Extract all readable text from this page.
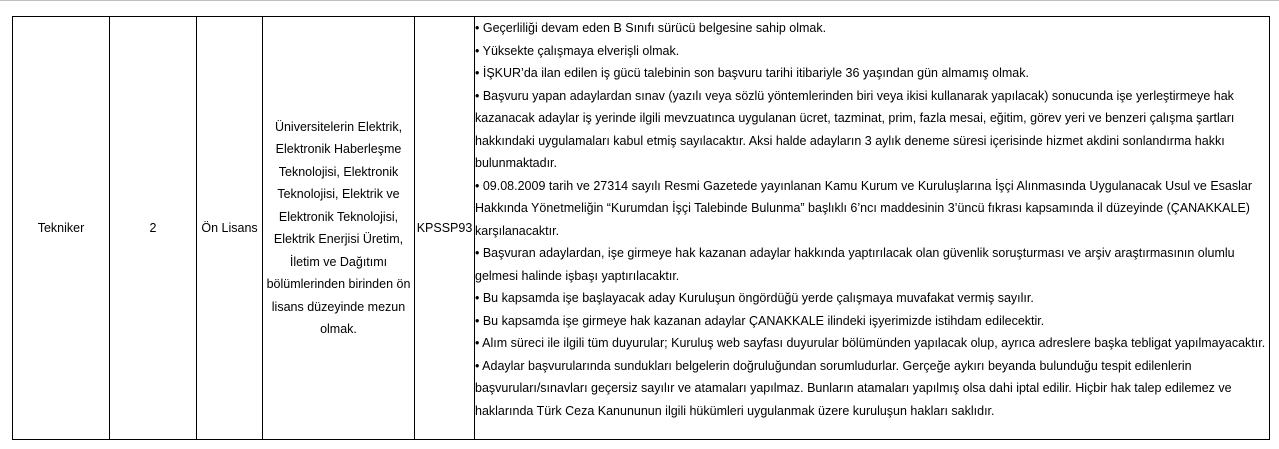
Tekniker	2	Ön Lisans	Üniversitelerin Elektrik, Elektronik Haberleşme Teknolojisi, Elektronik Teknolojisi, Elektrik ve Elektronik Teknolojisi, Elektrik Enerjisi Üretim, İletim ve Dağıtımı bölümlerinden birinden ön lisans düzeyinde mezun olmak.	KPSSP93	

• Geçerliliği devam eden B Sınıfı sürücü belgesine sahip olmak.

• Yüksekte çalışmaya elverişli olmak.

• İŞKUR’da ilan edilen iş gücü talebinin son başvuru tarihi itibariyle 36 yaşından gün almamış olmak.

• Başvuru yapan adaylardan sınav (yazılı veya sözlü yöntemlerinden biri veya ikisi kullanarak yapılacak) sonucunda işe yerleştirmeye hak kazanacak adaylar iş yerinde ilgili mevzuatınca uygulanan ücret, tazminat, prim, fazla mesai, eğitim, görev yeri ve benzeri çalışma şartları hakkındaki uygulamaları kabul etmiş sayılacaktır. Aksi halde adayların 3 aylık deneme süresi içerisinde hizmet akdini sonlandırma hakkı bulunmaktadır.

• 09.08.2009 tarih ve 27314 sayılı Resmi Gazetede yayınlanan Kamu Kurum ve Kuruluşlarına İşçi Alınmasında Uygulanacak Usul ve Esaslar Hakkında Yönetmeliğin “Kurumdan İşçi Talebinde Bulunma” başlıklı 6’ncı maddesinin 3’üncü fıkrası kapsamında il düzeyinde (ÇANAKKALE) karşılanacaktır.

• Başvuran adaylardan, işe girmeye hak kazanan adaylar hakkında yaptırılacak olan güvenlik soruşturması ve arşiv araştırmasının olumlu gelmesi halinde işbaşı yaptırılacaktır.

• Bu kapsamda işe başlayacak aday Kuruluşun öngördüğü yerde çalışmaya muvafakat vermiş sayılır.

• Bu kapsamda işe girmeye hak kazanan adaylar ÇANAKKALE ilindeki işyerimizde istihdam edilecektir.

• Alım süreci ile ilgili tüm duyurular; Kuruluş web sayfası duyurular bölümünden yapılacak olup, ayrıca adreslere başka tebligat yapılmayacaktır.

• Adaylar başvurularında sundukları belgelerin doğruluğundan sorumludurlar. Gerçeğe aykırı beyanda bulunduğu tespit edilenlerin başvuruları/sınavları geçersiz sayılır ve atamaları yapılmaz. Bunların atamaları yapılmış olsa dahi iptal edilir. Hiçbir hak talep edilemez ve haklarında Türk Ceza Kanununun ilgili hükümleri uygulanmak üzere kuruluşun hakları saklıdır.
